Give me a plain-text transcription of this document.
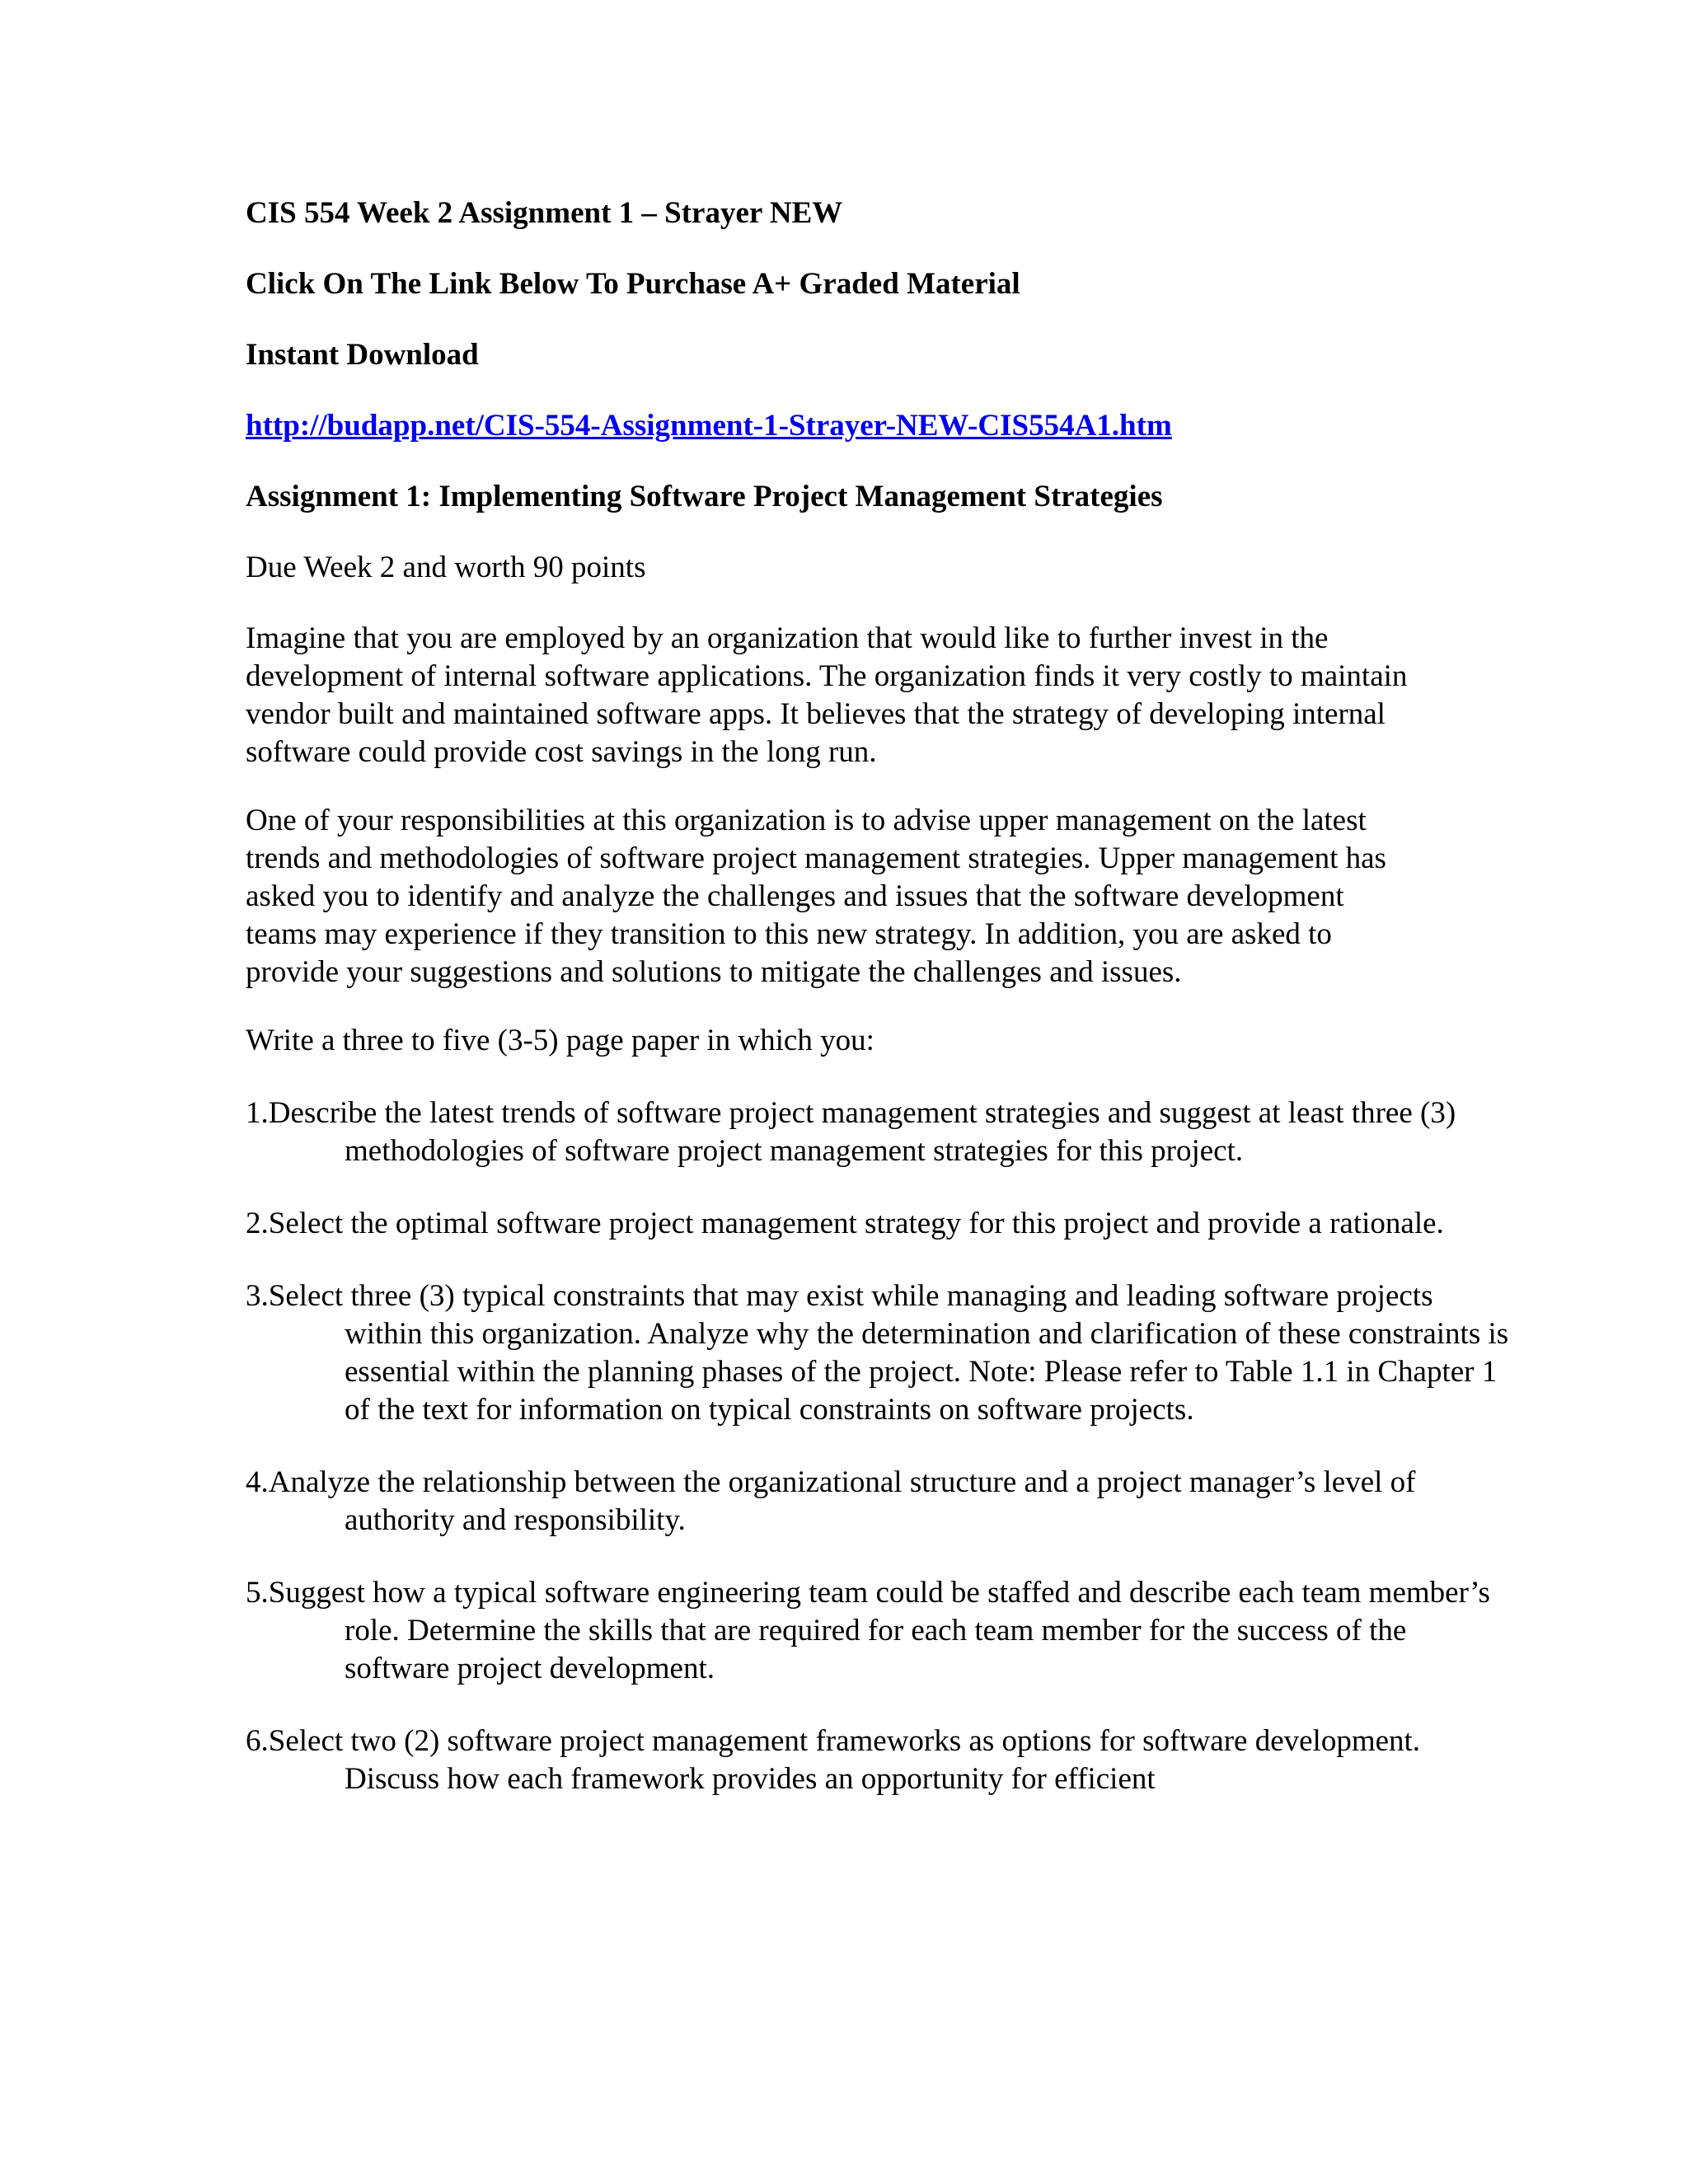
CIS 554 Week 2 Assignment 1 – Strayer NEW

Click On The Link Below To Purchase A+ Graded Material

Instant Download

http://budapp.net/CIS-554-Assignment-1-Strayer-NEW-CIS554A1.htm

Assignment 1: Implementing Software Project Management Strategies

Due Week 2 and worth 90 points

Imagine that you are employed by an organization that would like to further invest in the development of internal software applications. The organization finds it very costly to maintain vendor built and maintained software apps. It believes that the strategy of developing internal software could provide cost savings in the long run.

One of your responsibilities at this organization is to advise upper management on the latest trends and methodologies of software project management strategies. Upper management has asked you to identify and analyze the challenges and issues that the software development teams may experience if they transition to this new strategy. In addition, you are asked to provide your suggestions and solutions to mitigate the challenges and issues.

Write a three to five (3-5) page paper in which you:

1.Describe the latest trends of software project management strategies and suggest at least three (3) methodologies of software project management strategies for this project.

2.Select the optimal software project management strategy for this project and provide a rationale.

3.Select three (3) typical constraints that may exist while managing and leading software projects within this organization. Analyze why the determination and clarification of these constraints is essential within the planning phases of the project. Note: Please refer to Table 1.1 in Chapter 1 of the text for information on typical constraints on software projects.

4.Analyze the relationship between the organizational structure and a project manager’s level of authority and responsibility.

5.Suggest how a typical software engineering team could be staffed and describe each team member’s role. Determine the skills that are required for each team member for the success of the software project development.

6.Select two (2) software project management frameworks as options for software development. Discuss how each framework provides an opportunity for efficient
